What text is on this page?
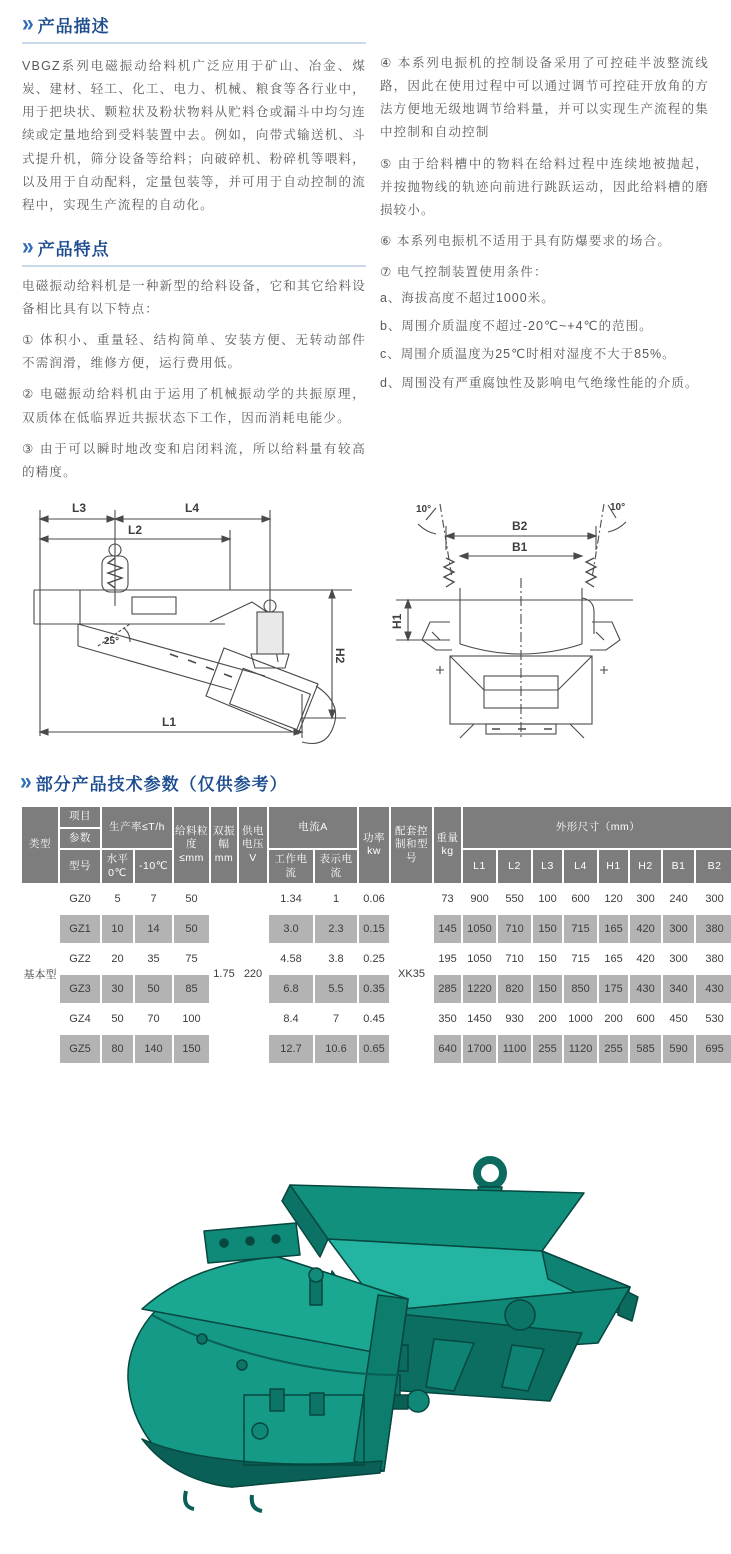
» 产品描述

VBGZ系列电磁振动给料机广泛应用于矿山、冶金、煤炭、建材、轻工、化工、电力、机械、粮食等各行业中，用于把块状、颗粒状及粉状物料从贮料仓或漏斗中均匀连续或定量地给到受料装置中去。例如，向带式输送机、斗式提升机，筛分设备等给料；向破碎机、粉碎机等喂料，以及用于自动配料，定量包装等，并可用于自动控制的流程中，实现生产流程的自动化。

» 产品特点

电磁振动给料机是一种新型的给料设备，它和其它给料设备相比具有以下特点：

① 体积小、重量轻、结构简单、安装方便、无转动部件不需润滑，维修方便，运行费用低。

② 电磁振动给料机由于运用了机械振动学的共振原理，双质体在低临界近共振状态下工作，因而消耗电能少。

③ 由于可以瞬时地改变和启闭料流，所以给料量有较高的精度。

④ 本系列电振机的控制设备采用了可控硅半波整流线路，因此在使用过程中可以通过调节可控硅开放角的方法方便地无级地调节给料量，并可以实现生产流程的集中控制和自动控制

⑤ 由于给料槽中的物料在给料过程中连续地被抛起，并按抛物线的轨迹向前进行跳跃运动，因此给料槽的磨损较小。

⑥ 本系列电振机不适用于具有防爆要求的场合。

⑦ 电气控制装置使用条件：

a、海拔高度不超过1000米。

b、周围介质温度不超过-20℃~+4℃的范围。

c、周围介质温度为25℃时相对湿度不大于85%。

d、周围没有严重腐蚀性及影响电气绝缘性能的介质。

L3	L4
L2
25°
H2
L1
10°	10°
B2
B1
H1
» 部分产品技术参数（仅供参考）
类型	项目	生产率≤T/h		给料粒度≤mm	双振幅mm	供电电压V	电流A		功率kw	配套控制和型号	重量kg	外形尺寸（mm）							
	参数																		
	型号	水平0℃	-10℃				工作电流	表示电流				L1	L2	L3	L4	H1	H2	B1	B2
基本型	GZ0	5	7	50	1.75	220	1.34	1	0.06	XK35	73	900	550	100	600	120	300	240	300
	GZ1	10	14	50			3.0	2.3	0.15		145	1050	710	150	715	165	420	300	380
	GZ2	20	35	75			4.58	3.8	0.25		195	1050	710	150	715	165	420	300	380
	GZ3	30	50	85			6.8	5.5	0.35		285	1220	820	150	850	175	430	340	430
	GZ4	50	70	100			8.4	7	0.45		350	1450	930	200	1000	200	600	450	530
	GZ5	80	140	150			12.7	10.6	0.65		640	1700	1100	255	1120	255	585	590	695
